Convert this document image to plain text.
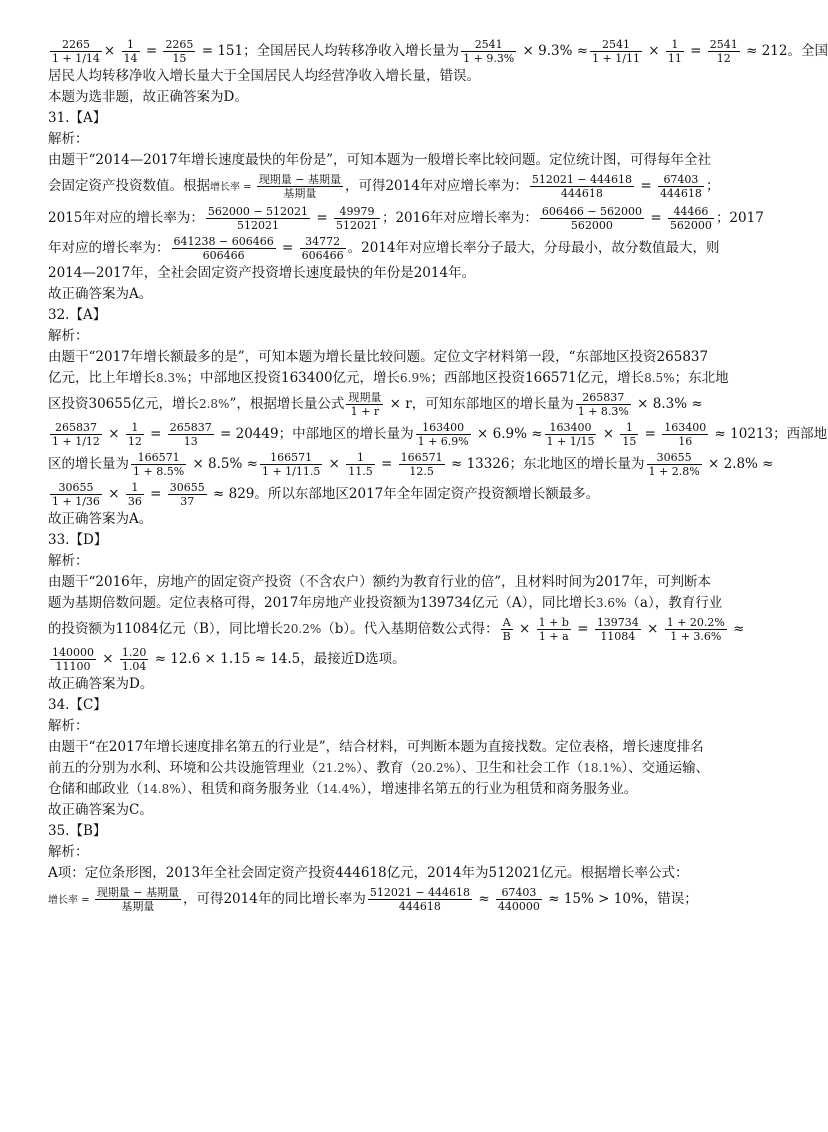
$\frac{2265}{1 + 1/14} \times \frac{1}{14} = \frac{2265}{15} = 151$；全国居民人均转移净收入增长量为 $\frac{2541}{1 + 9.3\%} \times 9.3\% \approx \frac{2541}{1 + 1/11} \times \frac{1}{11} = \frac{2541}{12} \approx 212$。全国
居民人均转移净收入增长量大于全国居民人均经营净收入增长量，错误。
本题为选非题，故正确答案为D。
31.【A】
解析：
由题干“2014—2017年增长速度最快的年份是”，可知本题为一般增长率比较问题。定位统计图，可得每年全社
会固定资产投资数值。根据增长率 = $\frac{\text{现期量 − 基期量}}{\text{基期量}}$ ，可得2014年对应增长率为： $\frac{512021 - 444618}{444618} = \frac{67403}{444618}$ ；
2015年对应的增长率为： $\frac{562000 - 512021}{512021} = \frac{49979}{512021}$ ；2016年对应增长率为： $\frac{606466 - 562000}{562000} = \frac{44466}{562000}$ ；2017
年对应的增长率为： $\frac{641238 - 606466}{606466} = \frac{34772}{606466}$ 。2014年对应增长率分子最大，分母最小，故分数值最大，则
2014—2017年，全社会固定资产投资增长速度最快的年份是2014年。
故正确答案为A。
32.【A】
解析：
由题干“2017年增长额最多的是”，可知本题为增长量比较问题。定位文字材料第一段，“东部地区投资265837
亿元，比上年增长8.3%；中部地区投资163400亿元，增长6.9%；西部地区投资166571亿元，增长8.5%；东北地
区投资30655亿元，增长2.8%”，根据增长量公式 $\frac{\text{现期量}}{1 + r} \times r$，可知东部地区的增长量为 $\frac{265837}{1 + 8.3\%} \times 8.3\%$ ≈
$\frac{265837}{1 + 1/12} \times \frac{1}{12} = \frac{265837}{13} = 20449$；中部地区的增长量为 $\frac{163400}{1 + 6.9\%} \times 6.9\% \approx \frac{163400}{1 + 1/15} \times \frac{1}{15} = \frac{163400}{16} \approx 10213$；西部地
区的增长量为 $\frac{166571}{1 + 8.5\%} \times 8.5\% \approx \frac{166571}{1 + 1/11.5} \times \frac{1}{11.5} = \frac{166571}{12.5} \approx 13326$；东北地区的增长量为 $\frac{30655}{1 + 2.8\%} \times 2.8\%$ ≈
$\frac{30655}{1 + 1/36} \times \frac{1}{36} = \frac{30655}{37} \approx 829$。所以东部地区2017年全年固定资产投资额增长额最多。
故正确答案为A。
33.【D】
解析：
由题干“2016年，房地产的固定资产投资（不含农户）额约为教育行业的倍”，且材料时间为2017年，可判断本
题为基期倍数问题。定位表格可得，2017年房地产业投资额为139734亿元（A），同比增长3.6%（a），教育行业
的投资额为11084亿元（B），同比增长20.2%（b）。代入基期倍数公式得： $\frac{A}{B} \times \frac{1 + b}{1 + a} = \frac{139734}{11084} \times \frac{1 + 20.2\%}{1 + 3.6\%}$ ≈
$\frac{140000}{11100} \times \frac{1.20}{1.04} \approx 12.6 \times 1.15 \approx 14.5$，最接近D选项。
故正确答案为D。
34.【C】
解析：
由题干“在2017年增长速度排名第五的行业是”，结合材料，可判断本题为直接找数。定位表格，增长速度排名
前五的分别为水利、环境和公共设施管理业（21.2%）、教育（20.2%）、卫生和社会工作（18.1%）、交通运输、
仓储和邮政业（14.8%）、租赁和商务服务业（14.4%），增速排名第五的行业为租赁和商务服务业。
故正确答案为C。
35.【B】
解析：
A项：定位条形图，2013年全社会固定资产投资444618亿元，2014年为512021亿元。根据增长率公式：
增长率 = $\frac{\text{现期量 − 基期量}}{\text{基期量}}$ ，可得2014年的同比增长率为 $\frac{512021 - 444618}{444618} \approx \frac{67403}{440000} \approx 15\% > 10\%$，错误；
